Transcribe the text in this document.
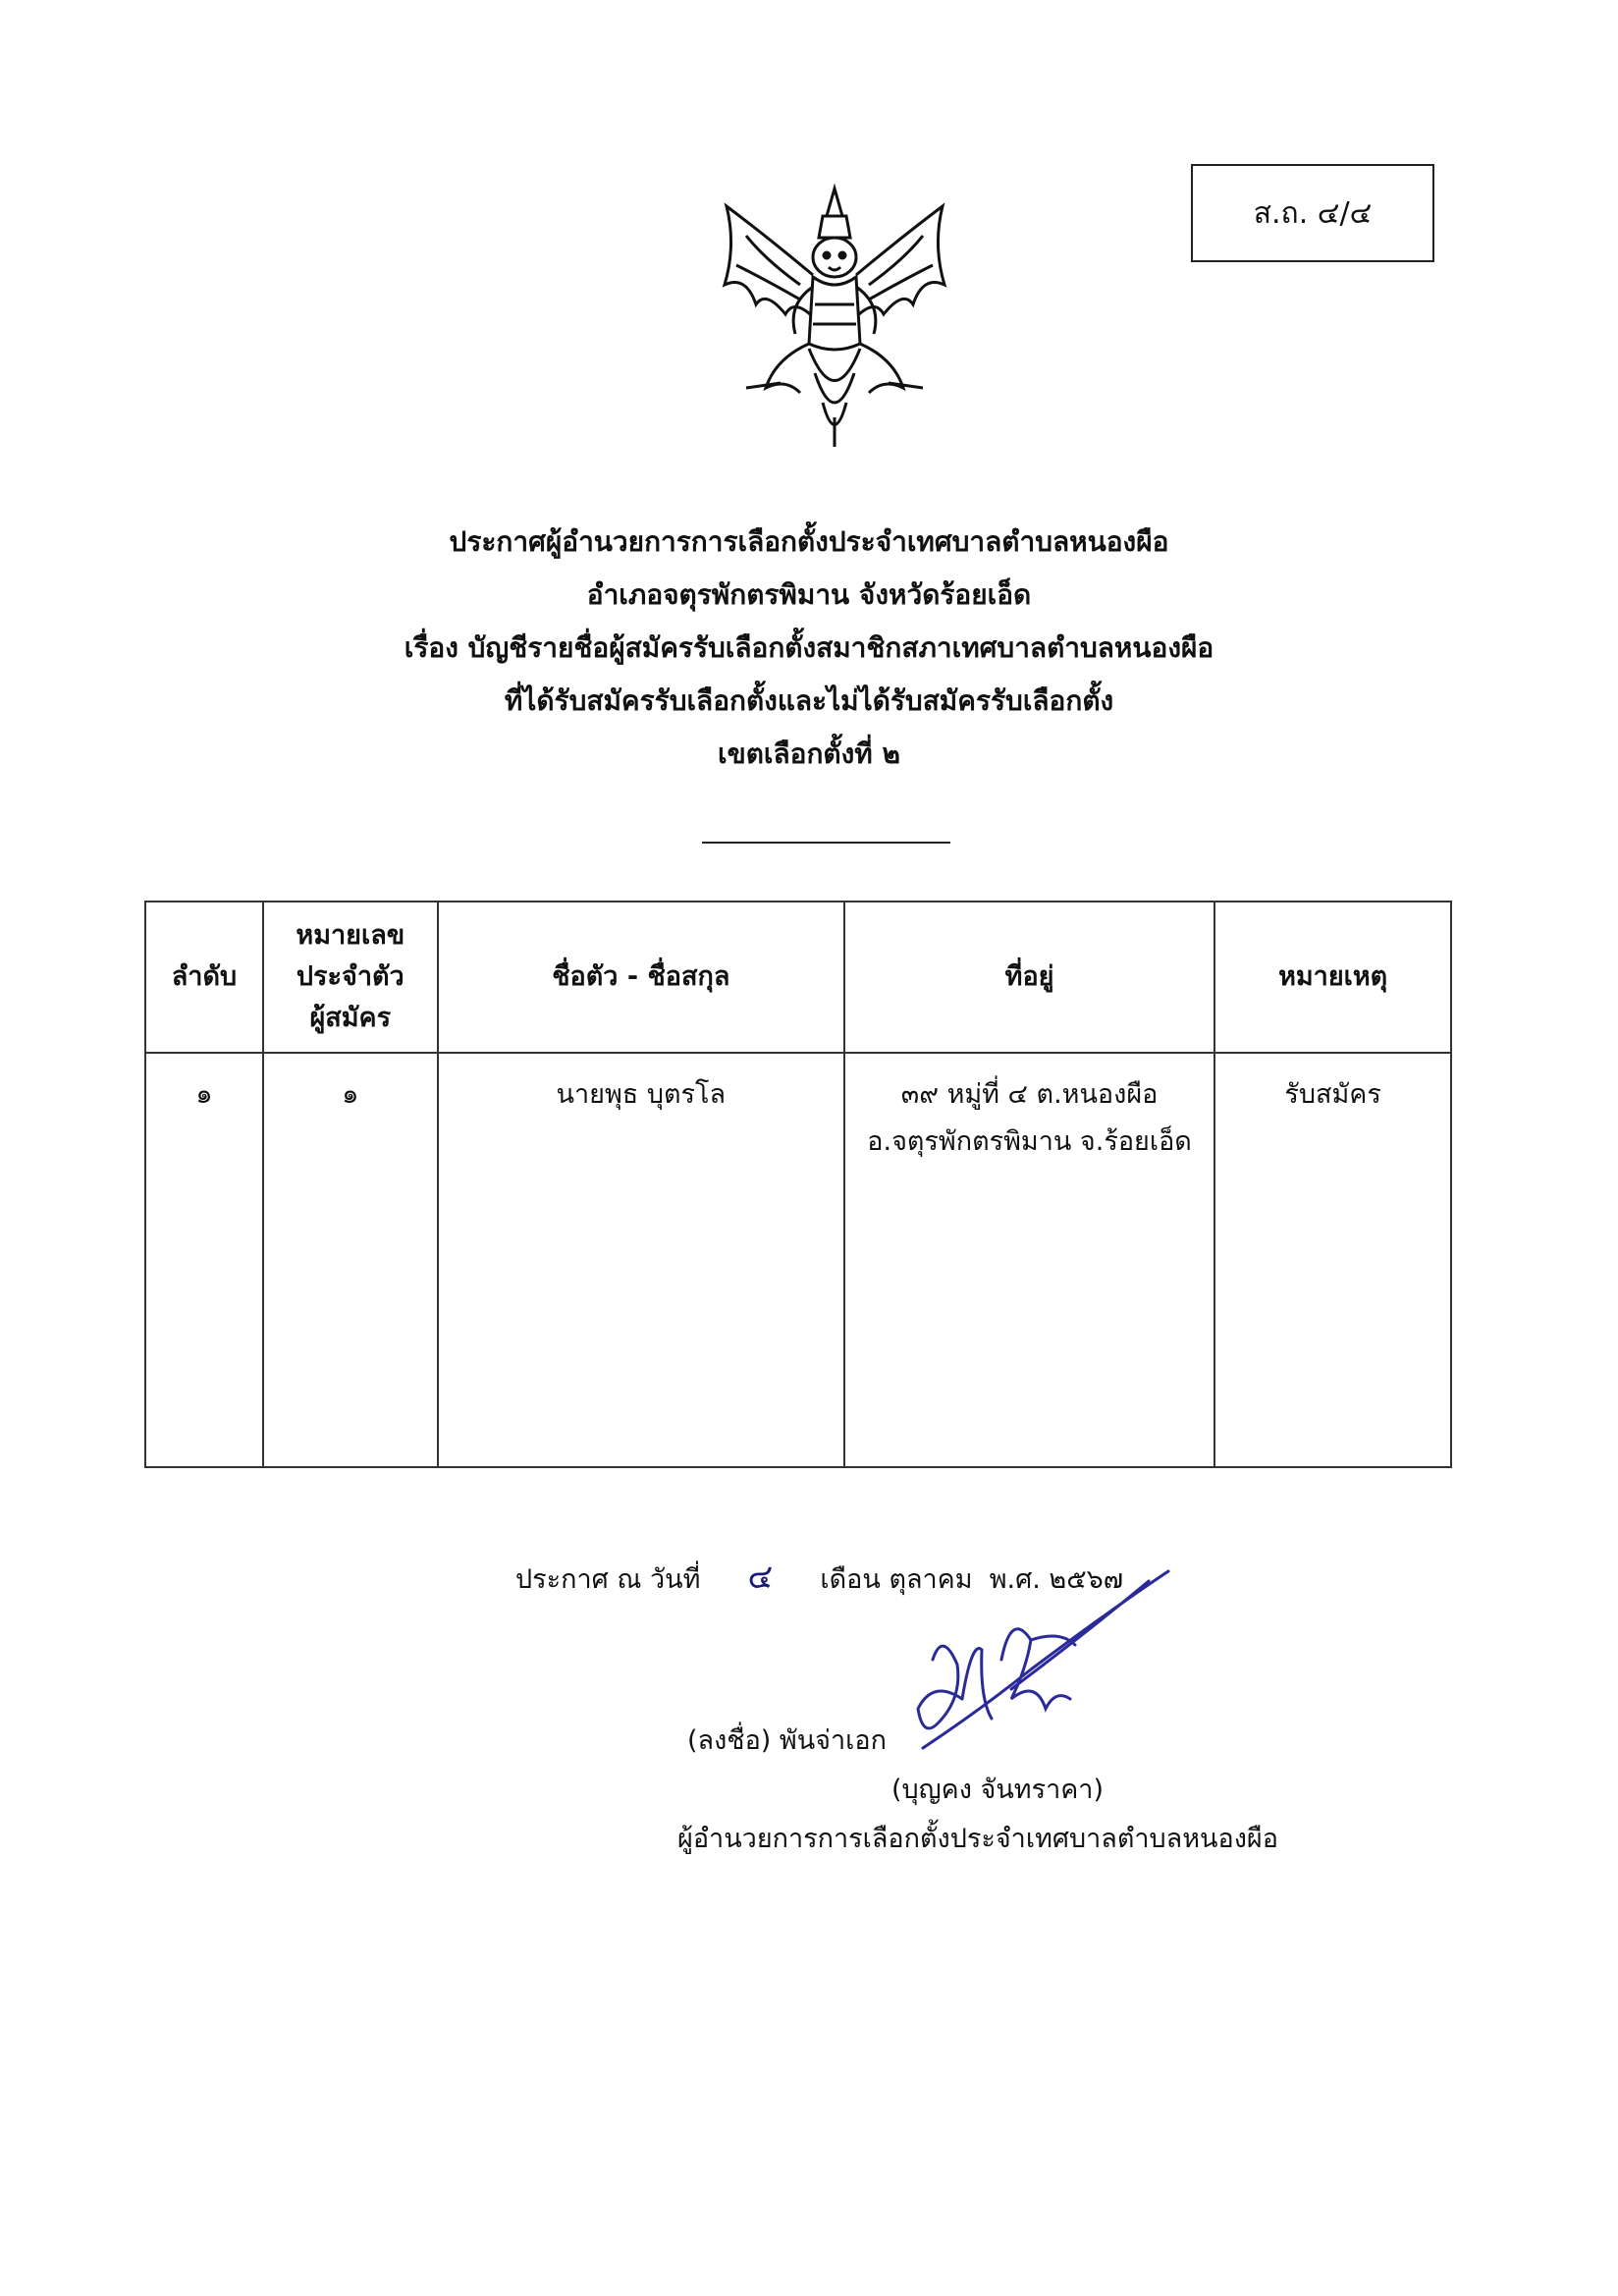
ส.ถ. ๔/๔
ประกาศผู้อำนวยการการเลือกตั้งประจำเทศบาลตำบลหนองผือ
อำเภอจตุรพักตรพิมาน จังหวัดร้อยเอ็ด
เรื่อง บัญชีรายชื่อผู้สมัครรับเลือกตั้งสมาชิกสภาเทศบาลตำบลหนองผือ
ที่ได้รับสมัครรับเลือกตั้งและไม่ได้รับสมัครรับเลือกตั้ง
เขตเลือกตั้งที่ ๒
ลำดับ	หมายเลข
ประจำตัว
ผู้สมัคร	ชื่อตัว - ชื่อสกุล	ที่อยู่	หมายเหตุ
๑	๑	นายพุธ บุตรโล	๓๙ หมู่ที่ ๔ ต.หนองผือ
อ.จตุรพักตรพิมาน จ.ร้อยเอ็ด	รับสมัคร
ประกาศ ณ วันที่ ๔ เดือน ตุลาคม พ.ศ. ๒๕๖๗
(ลงชื่อ) พันจ่าเอก
(บุญคง จันทราคา)
ผู้อำนวยการการเลือกตั้งประจำเทศบาลตำบลหนองผือ
